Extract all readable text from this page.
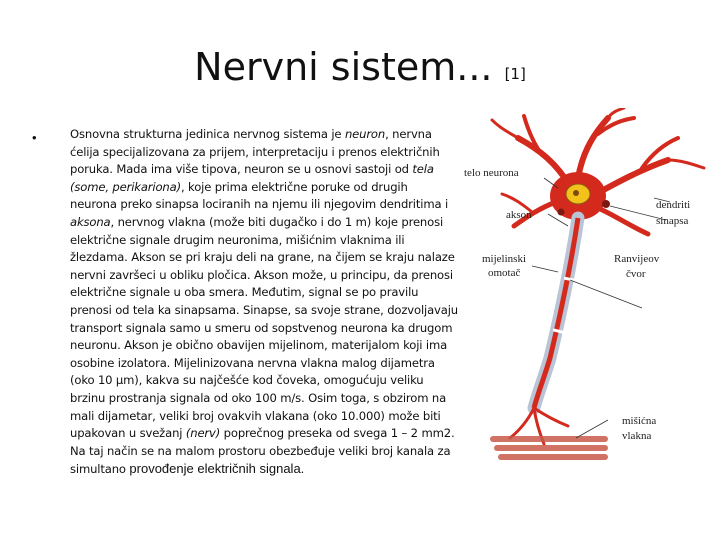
Nervni sistem... [1]
•	Osnovna strukturna jedinica nervnog sistema je neuron, nervna ćelija specijalizovana za prijem, interpretaciju i prenos električnih poruka. Mada ima više tipova, neuron se u osnovi sastoji od tela (some, perikariona), koje prima električne poruke od drugih neurona preko sinapsa lociranih na njemu ili njegovim dendritima i aksona, nervnog vlakna (može biti dugačko i do 1 m) koje prenosi električne signale drugim neuronima, mišićnim vlaknima ili žlezdama. Akson se pri kraju deli na grane, na čijem se kraju nalaze nervni završeci u obliku pločica. Akson može, u principu, da prenosi električne signale u oba smera. Međutim, signal se po pravilu prenosi od tela ka sinapsama. Sinapse, sa svoje strane, dozvoljavaju transport signala samo u smeru od sopstvenog neurona ka drugom neuronu. Akson je obično obavijen mijelinom, materijalom koji ima osobine izolatora. Mijelinizovana nervna vlakna malog dijametra (oko 10 μm), kakva su najčešće kod čoveka, omogućuju veliku brzinu prostranja signala od oko 100 m/s. Osim toga, s obzirom na mali dijametar, veliki broj ovakvih vlakana (oko 10.000) može biti upakovan u svežanj (nerv) poprečnog preseka od svega 1 – 2 mm2. Na taj način se na malom prostoru obezbeđuje veliki broj kanala za simultano provođenje električnih signala.
telo neurona
dendriti
sinapsa
akson
mijelinski
omotač
Ranvijeov
čvor
mišićna
vlakna
